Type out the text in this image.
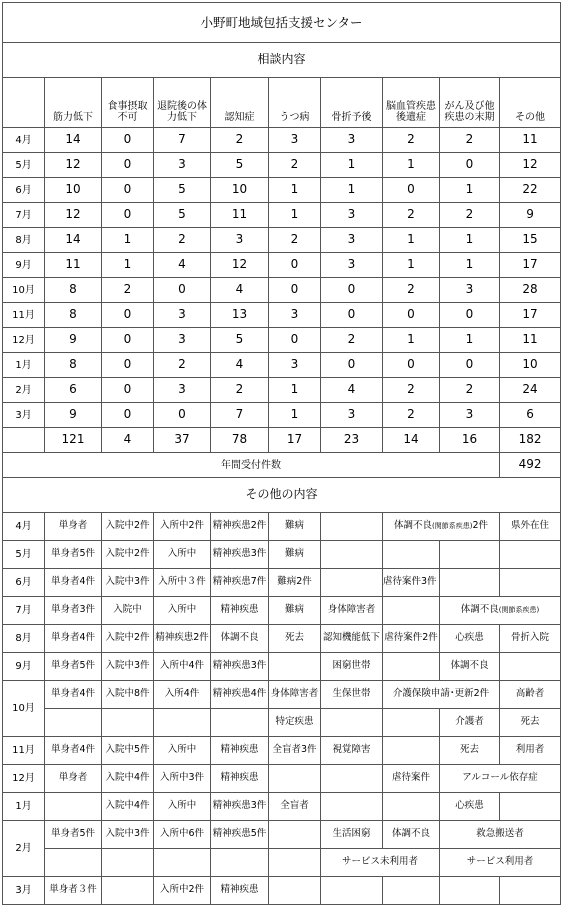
小野町地域包括支援センター									
相談内容									
	筋力低下	食事摂取不可	退院後の体力低下	認知症	うつ病	骨折予後	脳血管疾患後遺症	がん及び他疾患の末期	その他
4月	14	0	7	2	3	3	2	2	11
5月	12	0	3	5	2	1	1	0	12
6月	10	0	5	10	1	1	0	1	22
7月	12	0	5	11	1	3	2	2	9
8月	14	1	2	3	2	3	1	1	15
9月	11	1	4	12	0	3	1	1	17
10月	8	2	0	4	0	0	2	3	28
11月	8	0	3	13	3	0	0	0	17
12月	9	0	3	5	0	2	1	1	11
1月	8	0	2	4	3	0	0	0	10
2月	6	0	3	2	1	4	2	2	24
3月	9	0	0	7	1	3	2	3	6
	121	4	37	78	17	23	14	16	182
年間受付件数									492
その他の内容									
4月	単身者	入院中2件	入所中2件	精神疾患2件	難病		体調不良(関節系疾患)2件		県外在住
5月	単身者5件	入院中2件	入所中	精神疾患3件	難病				
6月	単身者4件	入院中3件	入所中３件	精神疾患7件	難病2件		虐待案件3件		
7月	単身者3件	入院中	入所中	精神疾患	難病	身体障害者		体調不良(関節系疾患)	
8月	単身者4件	入院中2件	精神疾患2件	体調不良	死去	認知機能低下	虐待案件2件	心疾患	骨折入院
9月	単身者5件	入院中3件	入所中4件	精神疾患3件		困窮世帯		体調不良	
10月	単身者4件	入院中8件	入所4件	精神疾患4件	身体障害者	生保世帯	介護保険申請･更新2件		高齢者
					特定疾患			介護者	死去
11月	単身者4件	入院中5件	入所中	精神疾患	全盲者3件	視覚障害		死去	利用者
12月	単身者	入院中4件	入所中3件	精神疾患			虐待案件	アルコール依存症	
1月		入院中4件	入所中	精神疾患3件	全盲者			心疾患	
2月	単身者5件	入院中3件	入所中6件	精神疾患5件		生活困窮	体調不良	救急搬送者	
						サービス未利用者		サービス利用者	
3月	単身者３件		入所中2件	精神疾患					
